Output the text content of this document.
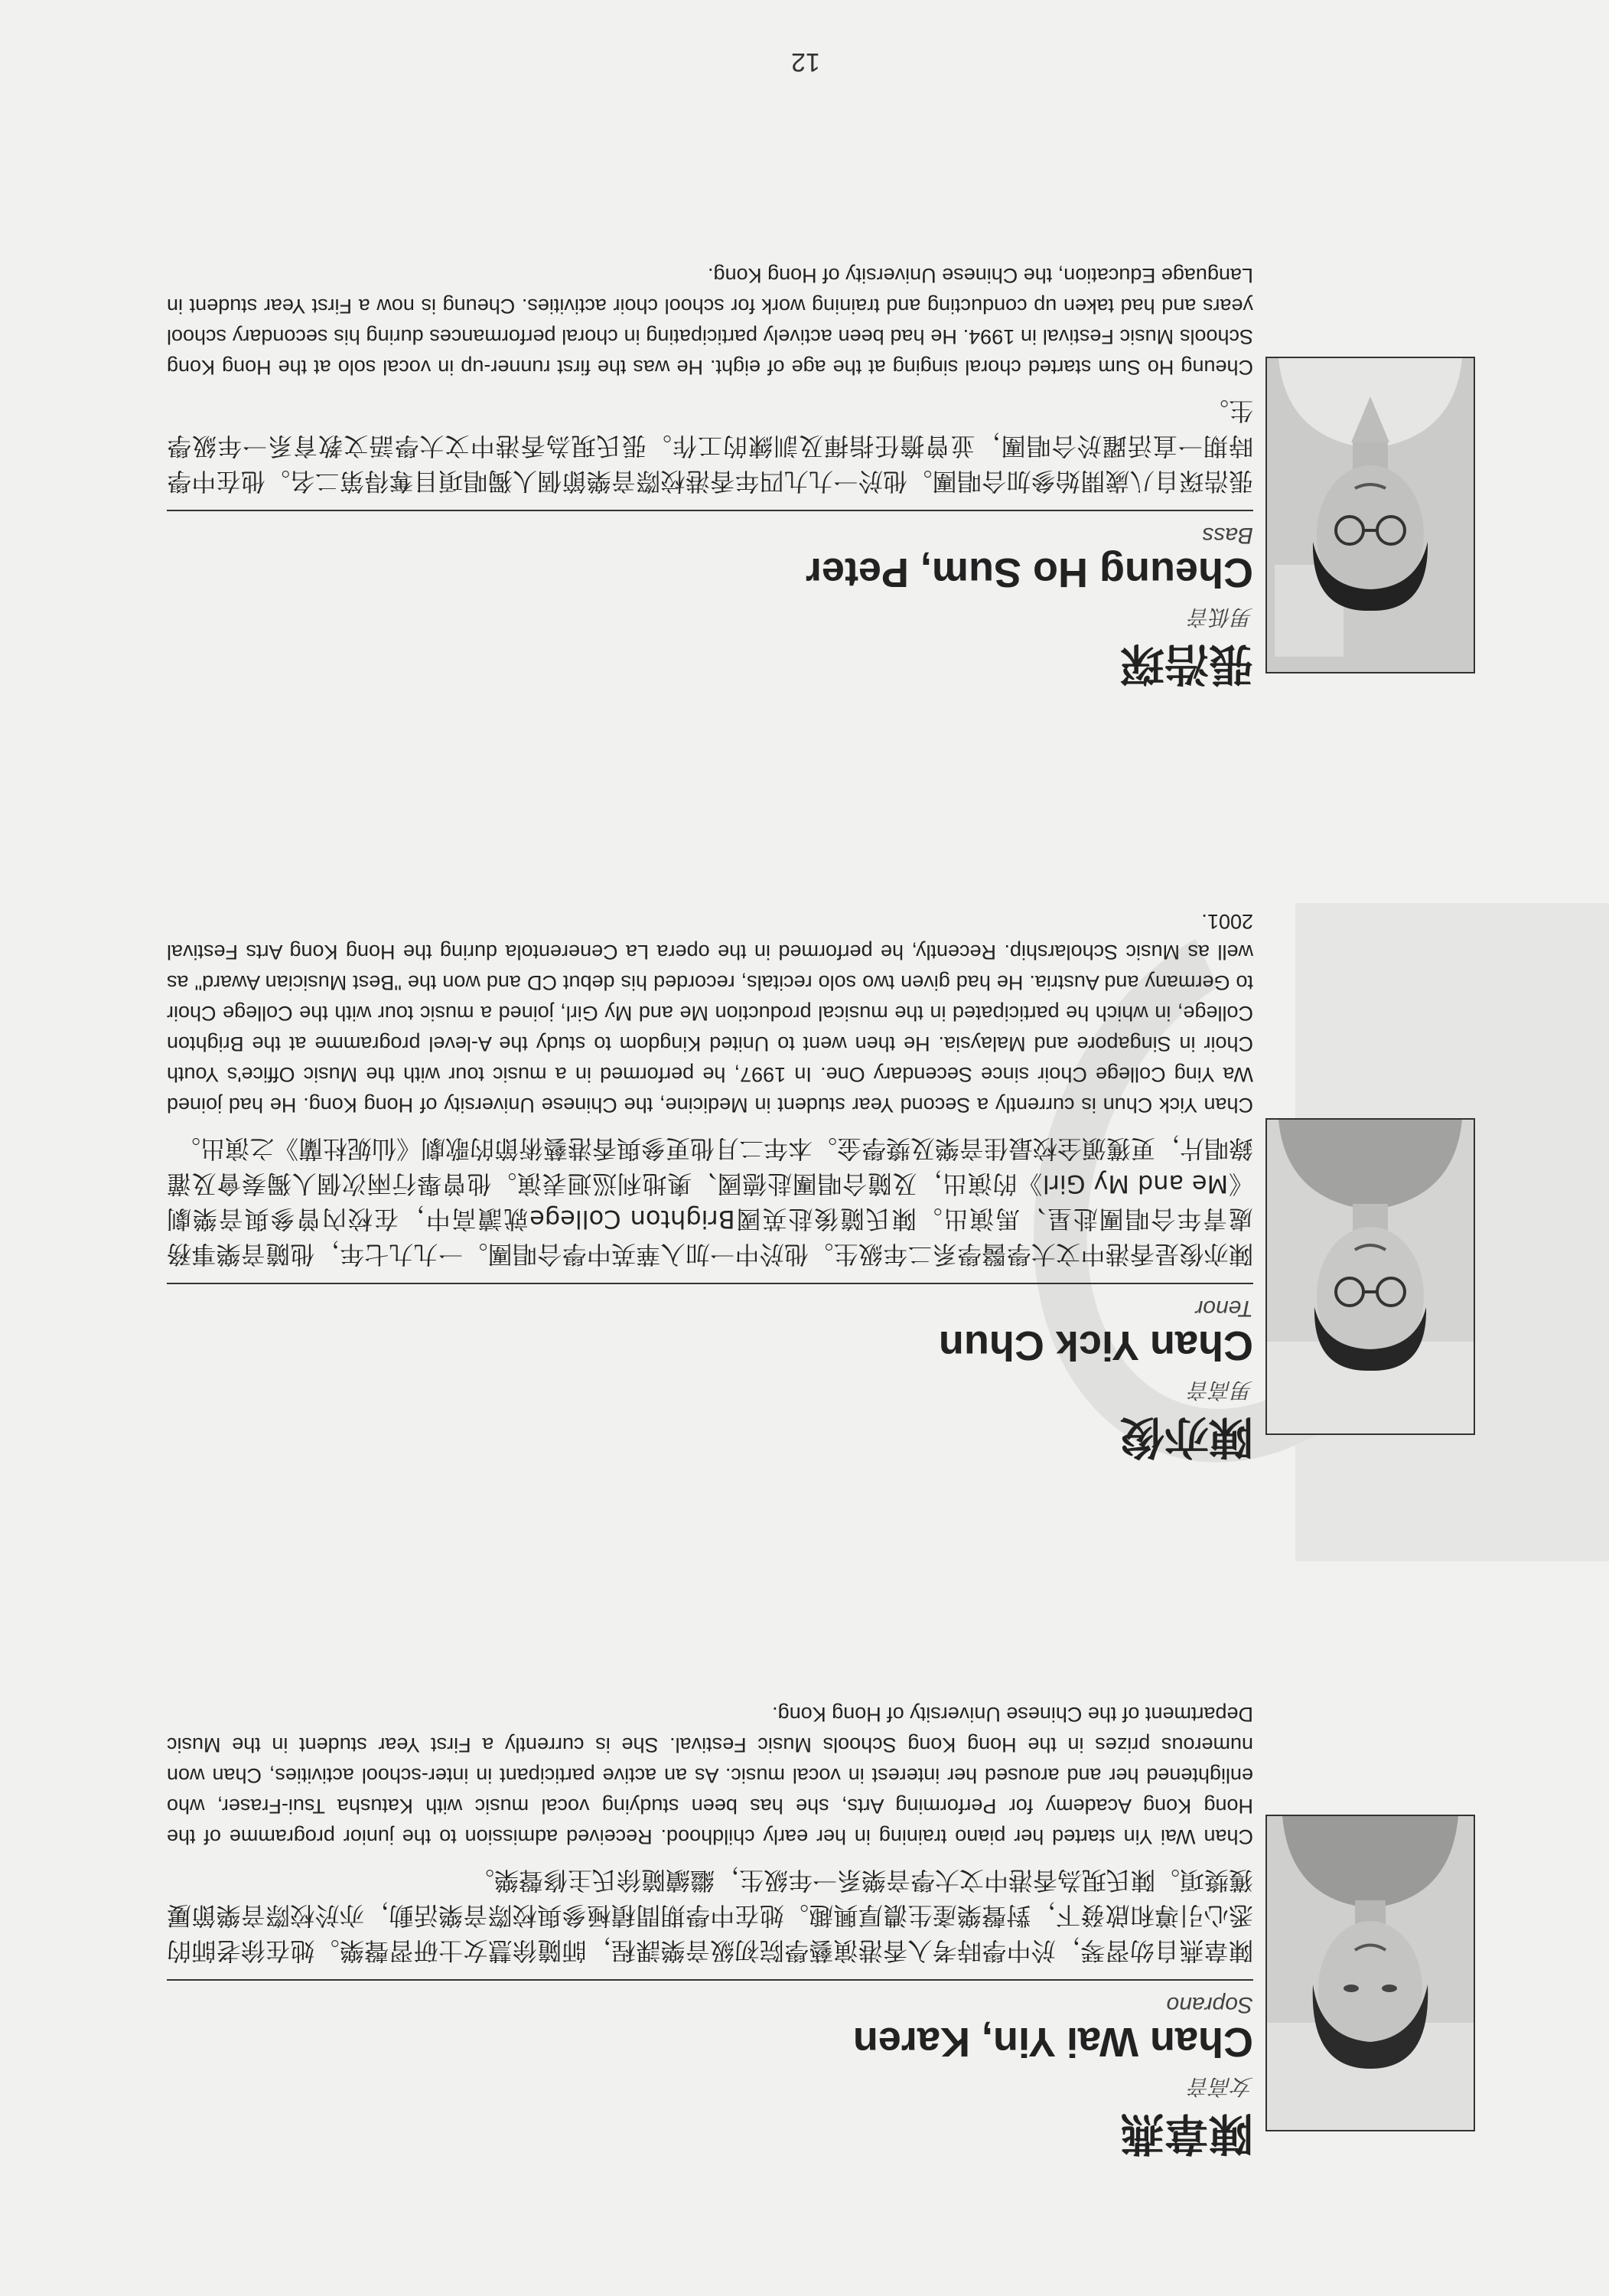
陳韋燕
女高音
Chan Wai Yin, Karen
Soprano

陳韋燕自幼習琴，於中學時考入香港演藝學院初級音樂課程，師隨徐慧女士研習聲樂。她在徐老師的悉心引導和啟發下，對聲樂產生濃厚興趣。她在中學期間積極參與校際音樂活動，亦於校際音樂節屢獲獎項。陳氏現為香港中文大學音樂系一年級生，繼續隨徐氏主修聲樂。

Chan Wai Yin started her piano training in her early childhood. Received admission to the junior programme of the Hong Kong Academy for Performing Arts, she has been studying vocal music with Katusha Tsui-Fraser, who enlightened her and aroused her interest in vocal music. As an active participant in inter-school activities, Chan won numerous prizes in the Hong Kong Schools Music Festival. She is currently a First Year student in the Music Department of the Chinese University of Hong Kong.

陳亦俊
男高音
Chan Yick Chun
Tenor

陳亦俊是香港中文大學醫學系二年級生。他於中一加入華英中學合唱團。一九九七年，他隨音樂事務處青年合唱團赴星、馬演出。陳氏隨後赴英國Brighton College就讀高中，在校內曾參與音樂劇《Me and My Girl》的演出，及隨合唱團赴德國、奧地利巡迴表演。他曾舉行兩次個人獨奏會及灌錄唱片，更獲頒全校最佳音樂及獎學金。本年二月他更參與香港藝術節的歌劇《仙妮杜蘭》之演出。

Chan Yick Chun is currently a Second Year student in Medicine, the Chinese University of Hong Kong. He had joined Wa Ying College Choir since Secendary One. In 1997, he performed in a music tour with the Music Office's Youth Choir in Singapore and Malaysia. He then went to United Kingdom to study the A-level programme at the Brighton College, in which he participated in the musical production Me and My Girl, joined a music tour with the College Choir to Germany and Austria. He had given two solo recitals, recorded his debut CD and won the "Best Musician Award" as well as Music Scholarship. Recently, he performed in the opera La Cenerentola during the Hong Kong Arts Festival 2001.

張浩琛
男低音
Cheung Ho Sum, Peter
Bass

張浩琛自八歲開始參加合唱團。他於一九九四年香港校際音樂節個人獨唱項目奪得第二名。他在中學時期一直活躍於合唱團，並曾擔任指揮及訓練的工作。張氏現為香港中文大學語文教育系一年級學生。

Cheung Ho Sum started choral singing at the age of eight. He was the first runner-up in vocal solo at the Hong Kong Schools Music Festival in 1994. He had been actively participating in choral performances during his secondary school years and had taken up conducting and training work for school choir activities. Cheung is now a First Year student in Language Education, the Chinese University of Hong Kong.

12
